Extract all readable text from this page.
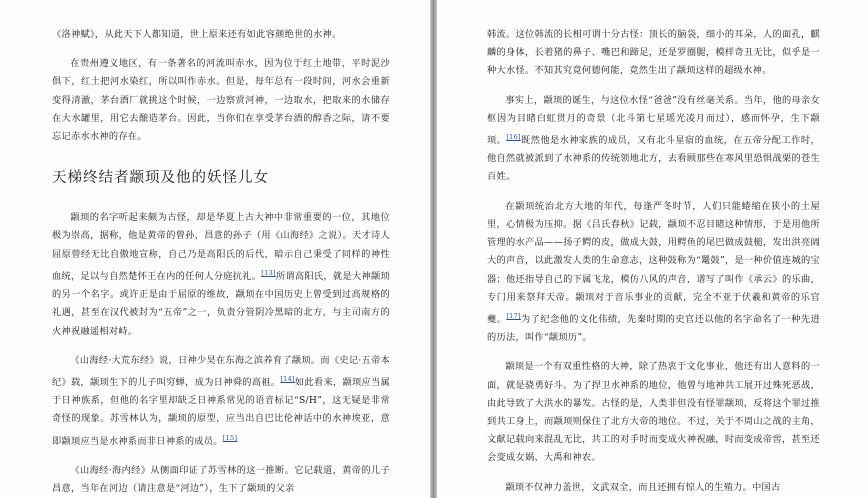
《洛神赋》，从此天下人都知道，世上原来还有如此容颜绝世的水神。

在贵州遵义地区，有一条著名的河流叫赤水，因为位于红土地带，平时泥沙俱下，红土把河水染红，所以叫作赤水。但是，每年总有一段时间，河水会重新变得清澈，茅台酒厂就挑这个时候，一边察赏河神，一边取水，把取来的水储存在大水罐里，用它去酿造茅台。因此，当你们在享受茅台酒的醇香之际，请不要忘记赤水水神的存在。

天梯终结者颛顼及他的妖怪儿女

颛顼的名字听起来颇为古怪，却是华夏上古大神中非常重要的一位，其地位极为崇高，据称，他是黄帝的曾孙，昌意的孙子（用《山海经》之说）。天才诗人屈原曾经无比自傲地宣称，自己乃是高阳氏的后代，暗示自己秉受了同样的神性血统，足以与自然楚怀王在内的任何人分庭抗礼。[13]所谓高阳氏，就是大神颛顼的另一个名字。或许正是由于屈原的维故，颛顼在中国历史上曾受到过高规格的礼遇，甚至在汉代被封为“五帝”之一，负责分管阴冷黑暗的北方，与主司南方的火神祝融遥相对峙。

《山海经·大荒东经》说，日神少昊在东海之滨养育了颛顼。而《史记·五帝本纪》载，颛顼生下的儿子叫穷蝉，成为日神舜的高祖。[14]如此看来，颛顼应当属于日神族系，但他的名字里却缺乏日神系常见的语音标记“S/H”，这无疑是非常奇怪的现象。苏雪林认为，颛顼的原型，应当出自巴比伦神话中的水神埃亚，意即颛顼应当是水神系而非日神系的成员。[15]

《山海经·海内经》从侧面印证了苏雪林的这一推断。它记载道，黄帝的儿子昌意，当年在河边（请注意是“河边”），生下了颛顼的父亲

韩流。这位韩流的长相可谓十分古怪：顶长的脑袋，细小的耳朵，人的面孔，麒麟的身体，长着猪的鼻子、嘴巴和蹄足，还是罗圈腿，模样奇丑无比，似乎是一种大水怪。不知其究竟何德何能，竟然生出了颛顼这样的超级水神。

事实上，颛顼的诞生，与这位水怪“爸爸”没有丝毫关系。当年，他的母亲女枢因为目睹白虹贯月的奇景（北斗第七星瑶光凌月而过），感而怀孕，生下颛顼。[16]既然他是水神家族的成员，又有北斗星宿的血统，在五帝分配工作时，他自然就被派到了水神系的传统领地北方，去看顾那些在寒风里恐惧战栗的苍生百姓。

在颛顼统治北方大地的年代，每逢严冬时节，人们只能蜷缩在狭小的土屋里，心情极为压抑。据《吕氏春秋》记载，颛顼不忍目睹这种情形，于是用他所管理的水产品——扬子鳄的皮，做成大鼓，用鳄鱼的尾巴做成鼓槌，发出洪亮阔大的声音，以此激发人类的生命意志，这种鼓称为“鼍鼓”，是一种价值连城的宝器；他还指导自己的下属飞龙，模仿八风的声音，谱写了叫作《承云》的乐曲，专门用来祭拜天帝。颛顼对于音乐事业的贡献，完全不亚于伏羲和黄帝的乐官夔。[17]为了纪念他的文化伟绩，先秦时期的史官还以他的名字命名了一种先进的历法，叫作“颛顼历”。

颛顼是一个有双重性格的大神，除了热衷于文化事业，他还有出人意料的一面，就是骁勇好斗。为了捍卫水神系的地位，他曾与地神共工展开过殊死恶战，由此导致了大洪水的暴发。古怪的是，人类非但没有怪罪颛顼，反将这个罪过推到共工身上，而颛顼则保住了北方大帝的地位。不过，关于不周山之战的主角，文献记载向来混乱无比，共工的对手时而变成火神祝融，时而变成帝喾，甚至还会变成女娲、大禹和神农。

颛顼不仅神力盖世，文武双全，而且还拥有惊人的生殖力。中国古
